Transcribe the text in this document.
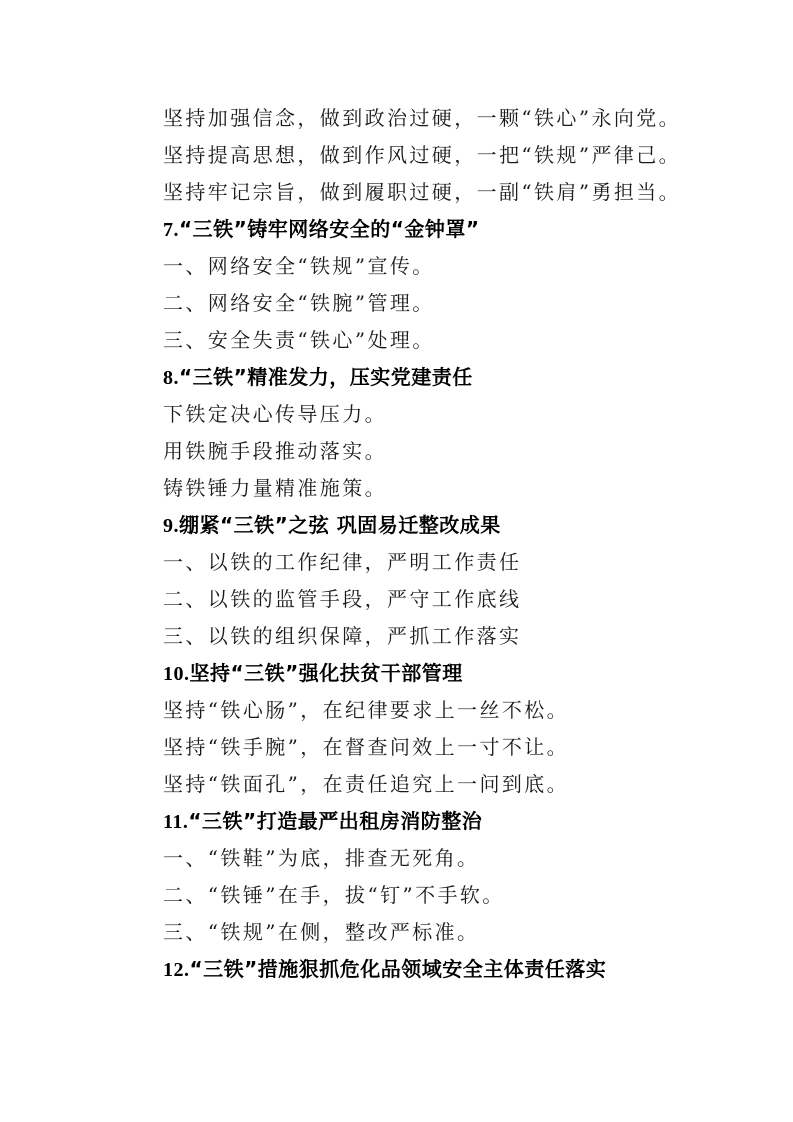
坚持加强信念，做到政治过硬，一颗“铁心”永向党。
坚持提高思想，做到作风过硬，一把“铁规”严律己。
坚持牢记宗旨，做到履职过硬，一副“铁肩”勇担当。
7.“三铁”铸牢网络安全的“金钟罩”
一、网络安全“铁规”宣传。
二、网络安全“铁腕”管理。
三、安全失责“铁心”处理。
8.“三铁”精准发力，压实党建责任
下铁定决心传导压力。
用铁腕手段推动落实。
铸铁锤力量精准施策。
9.绷紧“三铁”之弦 巩固易迁整改成果
一、以铁的工作纪律，严明工作责任
二、以铁的监管手段，严守工作底线
三、以铁的组织保障，严抓工作落实
10.坚持“三铁”强化扶贫干部管理
坚持“铁心肠”，在纪律要求上一丝不松。
坚持“铁手腕”，在督查问效上一寸不让。
坚持“铁面孔”，在责任追究上一问到底。
11.“三铁”打造最严出租房消防整治
一、“铁鞋”为底，排查无死角。
二、“铁锤”在手，拔“钉”不手软。
三、“铁规”在侧，整改严标准。
12.“三铁”措施狠抓危化品领域安全主体责任落实
